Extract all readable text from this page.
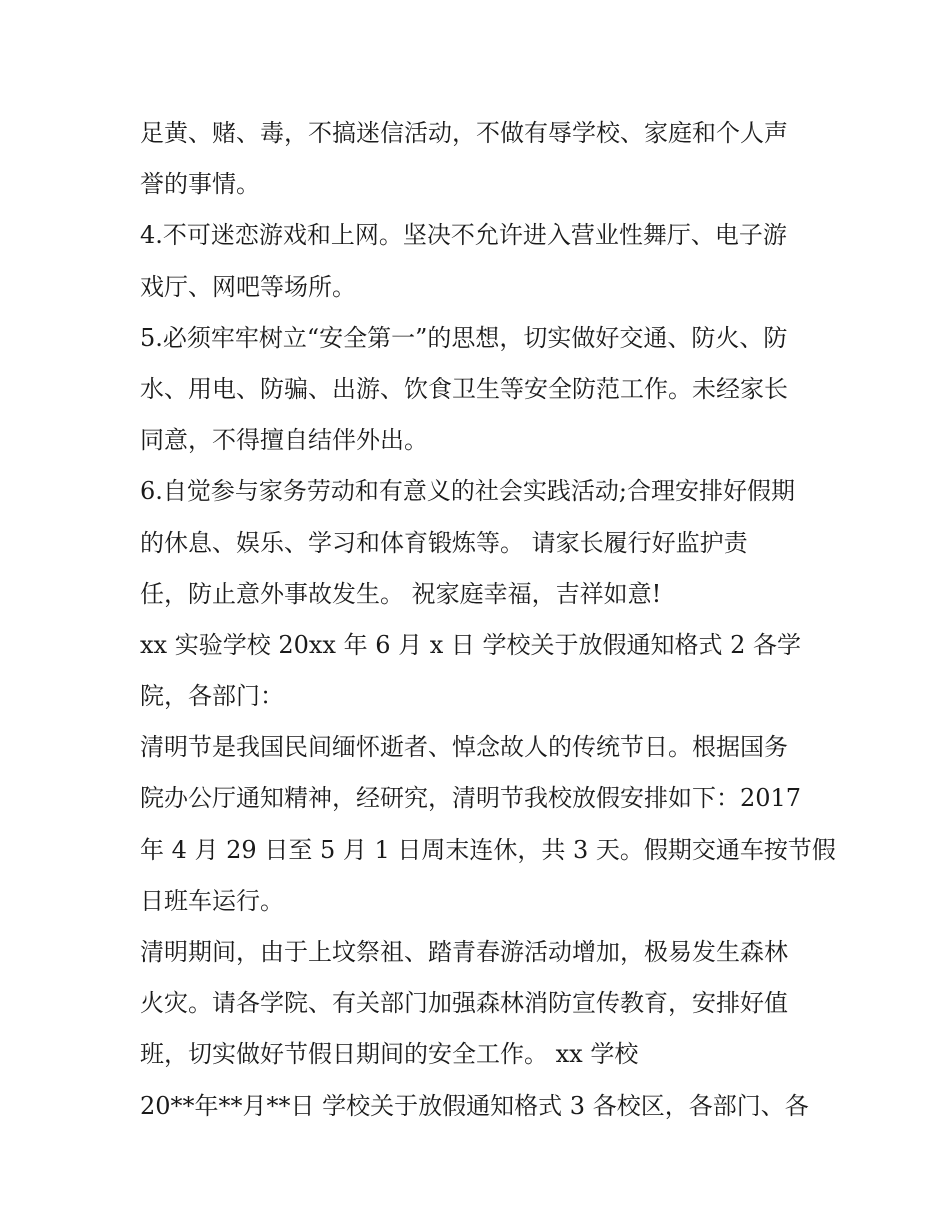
足黄、赌、毒，不搞迷信活动，不做有辱学校、家庭和个人声
誉的事情。
4.不可迷恋游戏和上网。坚决不允许进入营业性舞厅、电子游
戏厅、网吧等场所。
5.必须牢牢树立“安全第一”的思想，切实做好交通、防火、防
水、用电、防骗、出游、饮食卫生等安全防范工作。未经家长
同意，不得擅自结伴外出。
6.自觉参与家务劳动和有意义的社会实践活动;合理安排好假期
的休息、娱乐、学习和体育锻炼等。 请家长履行好监护责
任，防止意外事故发生。 祝家庭幸福，吉祥如意!
xx 实验学校 20xx 年 6 月 x 日 学校关于放假通知格式 2 各学
院，各部门：
清明节是我国民间缅怀逝者、悼念故人的传统节日。根据国务
院办公厅通知精神，经研究，清明节我校放假安排如下：2017
年 4 月 29 日至 5 月 1 日周末连休，共 3 天。假期交通车按节假
日班车运行。
清明期间，由于上坟祭祖、踏青春游活动增加，极易发生森林
火灾。请各学院、有关部门加强森林消防宣传教育，安排好值
班，切实做好节假日期间的安全工作。 xx 学校
20**年**月**日 学校关于放假通知格式 3 各校区，各部门、各
